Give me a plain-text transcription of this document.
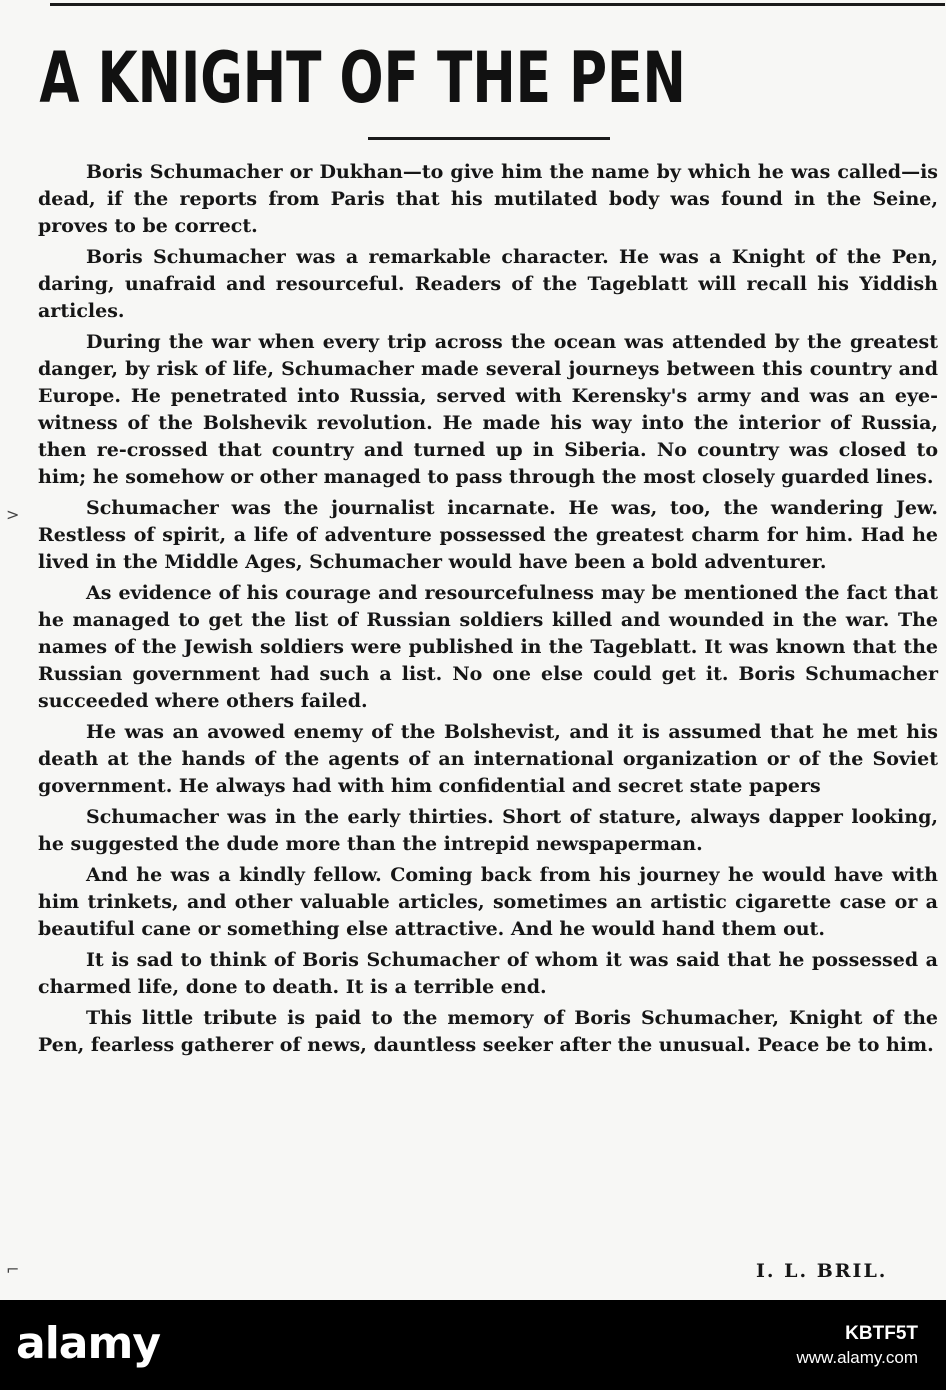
A KNIGHT OF THE PEN

Boris Schumacher or Dukhan—to give him the name by which he was called—is dead, if the reports from Paris that his mutilated body was found in the Seine, proves to be correct.

Boris Schumacher was a remarkable character. He was a Knight of the Pen, daring, unafraid and resourceful. Readers of the Tageblatt will recall his Yiddish articles.

During the war when every trip across the ocean was attended by the greatest danger, by risk of life, Schumacher made several journeys between this country and Europe. He penetrated into Russia, served with Kerensky's army and was an eye-witness of the Bolshevik revolution. He made his way into the interior of Russia, then re-crossed that country and turned up in Siberia. No country was closed to him; he somehow or other managed to pass through the most closely guarded lines.

Schumacher was the journalist incarnate. He was, too, the wandering Jew. Restless of spirit, a life of adventure possessed the greatest charm for him. Had he lived in the Middle Ages, Schumacher would have been a bold adventurer.

As evidence of his courage and resourcefulness may be mentioned the fact that he managed to get the list of Russian soldiers killed and wounded in the war. The names of the Jewish soldiers were published in the Tageblatt. It was known that the Russian government had such a list. No one else could get it. Boris Schumacher succeeded where others failed.

He was an avowed enemy of the Bolshevist, and it is assumed that he met his death at the hands of the agents of an international organization or of the Soviet government. He always had with him confidential and secret state papers

Schumacher was in the early thirties. Short of stature, always dapper looking, he suggested the dude more than the intrepid newspaperman.

And he was a kindly fellow. Coming back from his journey he would have with him trinkets, and other valuable articles, sometimes an artistic cigarette case or a beautiful cane or something else attractive. And he would hand them out.

It is sad to think of Boris Schumacher of whom it was said that he possessed a charmed life, done to death. It is a terrible end.

This little tribute is paid to the memory of Boris Schumacher, Knight of the Pen, fearless gatherer of news, dauntless seeker after the unusual. Peace be to him.

I. L. BRIL.
>
⌐
alamy	KBTF5T
www.alamy.com
